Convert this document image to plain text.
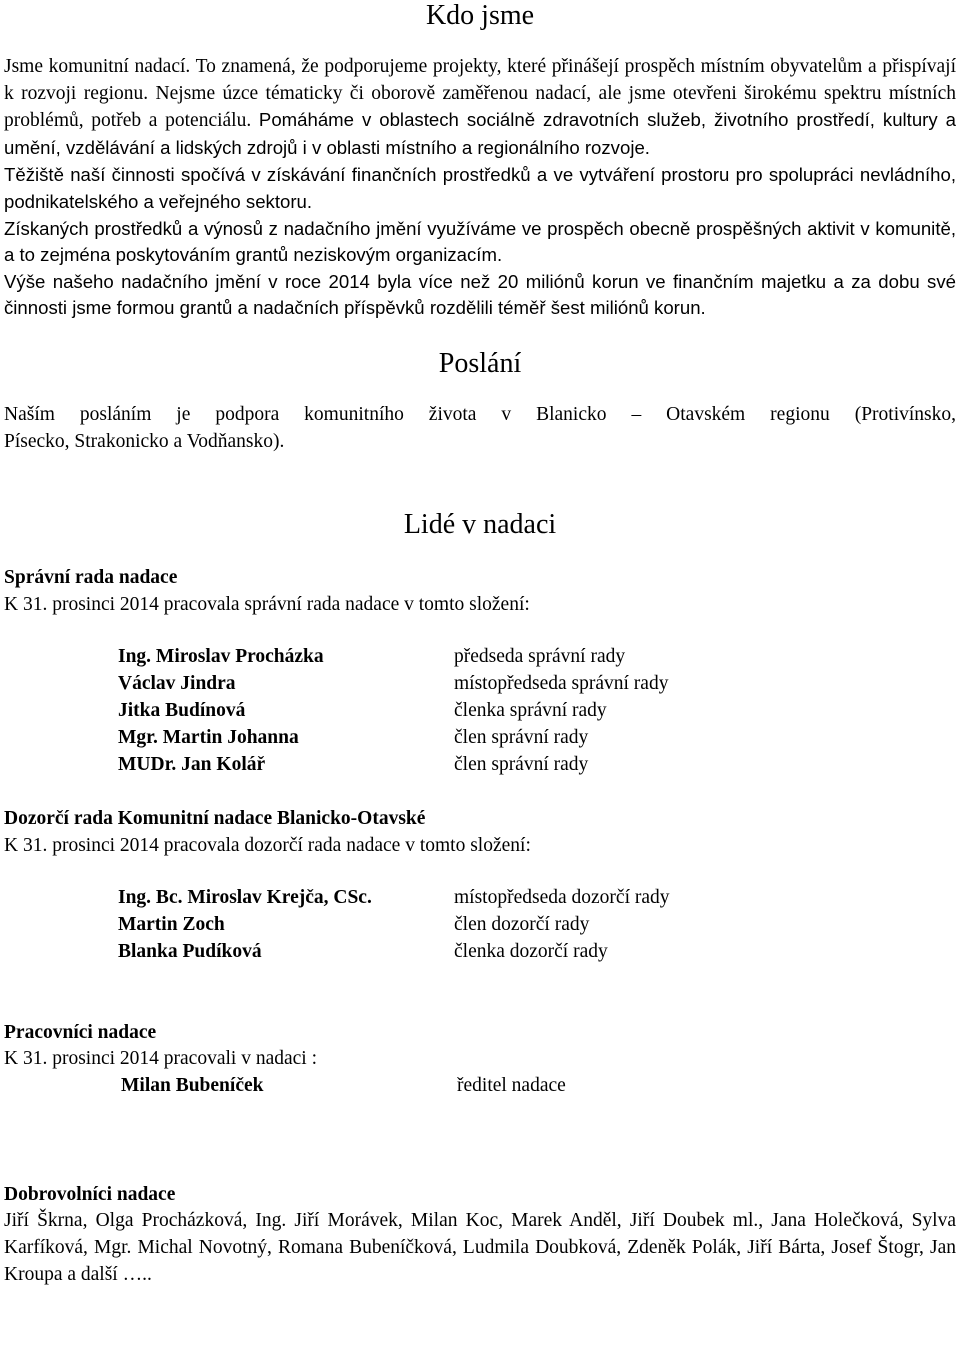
Kdo jsme

Jsme komunitní nadací. To znamená, že podporujeme projekty, které přinášejí prospěch místním obyvatelům a přispívají k rozvoji regionu. Nejsme úzce tématicky či oborově zaměřenou nadací, ale jsme otevřeni širokému spektru místních problémů, potřeb a potenciálu. Pomáháme v oblastech sociálně zdravotních služeb, životního prostředí, kultury a umění, vzdělávání a lidských zdrojů i v oblasti místního a regionálního rozvoje.

Těžiště naší činnosti spočívá v získávání finančních prostředků a ve vytváření prostoru pro spolupráci nevládního, podnikatelského a veřejného sektoru.

Získaných prostředků a výnosů z nadačního jmění využíváme ve prospěch obecně prospěšných aktivit v komunitě, a to zejména poskytováním grantů neziskovým organizacím.

Výše našeho nadačního jmění v roce 2014 byla více než 20 miliónů korun ve finančním majetku a za dobu své činnosti jsme formou grantů a nadačních příspěvků rozdělili téměř šest miliónů korun.

Poslání

Naším posláním je podpora komunitního života v Blanicko – Otavském regionu (Protivínsko,

Písecko, Strakonicko a Vodňansko).

Lidé v nadaci

Správní rada nadace

K 31. prosinci 2014 pracovala správní rada nadace v tomto složení:

Ing. Miroslav Procházka	předseda správní rady
Václav Jindra	místopředseda správní rady
Jitka Budínová	členka správní rady
Mgr. Martin Johanna	člen správní rady
MUDr. Jan Kolář	člen správní rady

Dozorčí rada Komunitní nadace Blanicko-Otavské

K 31. prosinci 2014 pracovala dozorčí rada nadace v tomto složení:

Ing. Bc. Miroslav Krejča, CSc.	místopředseda dozorčí rady
Martin Zoch	člen dozorčí rady
Blanka Pudíková	členka dozorčí rady

Pracovníci nadace

K 31. prosinci 2014 pracovali v nadaci :

Milan Bubeníček	ředitel nadace

Dobrovolníci nadace

Jiří Škrna, Olga Procházková, Ing. Jiří Morávek, Milan Koc, Marek Anděl, Jiří Doubek ml., Jana Holečková, Sylva Karfíková, Mgr. Michal Novotný, Romana Bubeníčková, Ludmila Doubková, Zdeněk Polák, Jiří Bárta, Josef Štogr, Jan Kroupa a další …..
